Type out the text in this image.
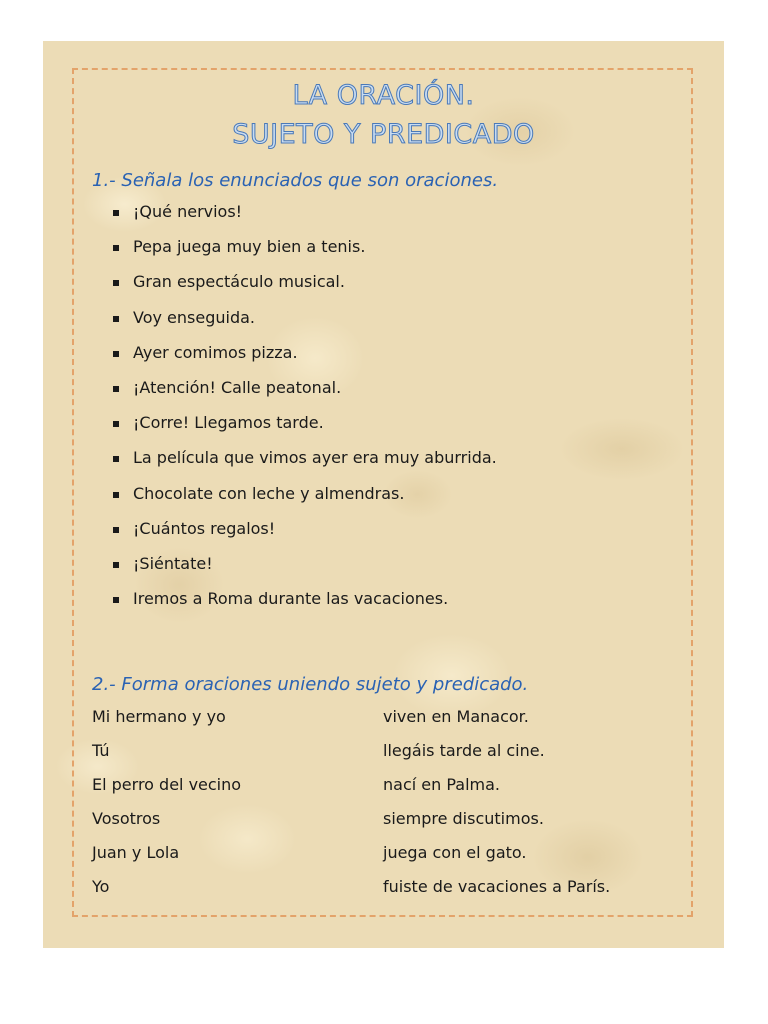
LA ORACIÓN.
SUJETO Y PREDICADO
1.- Señala los enunciados que son oraciones.
¡Qué nervios!
Pepa juega muy bien a tenis.
Gran espectáculo musical.
Voy enseguida.
Ayer comimos pizza.
¡Atención! Calle peatonal.
¡Corre! Llegamos tarde.
La película que vimos ayer era muy aburrida.
Chocolate con leche y almendras.
¡Cuántos regalos!
¡Siéntate!
Iremos a Roma durante las vacaciones.
2.- Forma oraciones uniendo sujeto y predicado.
Mi hermano y yo
Tú
El perro del vecino
Vosotros
Juan y Lola
Yo
viven en Manacor.
llegáis tarde al cine.
nací en Palma.
siempre discutimos.
juega con el gato.
fuiste de vacaciones a París.
